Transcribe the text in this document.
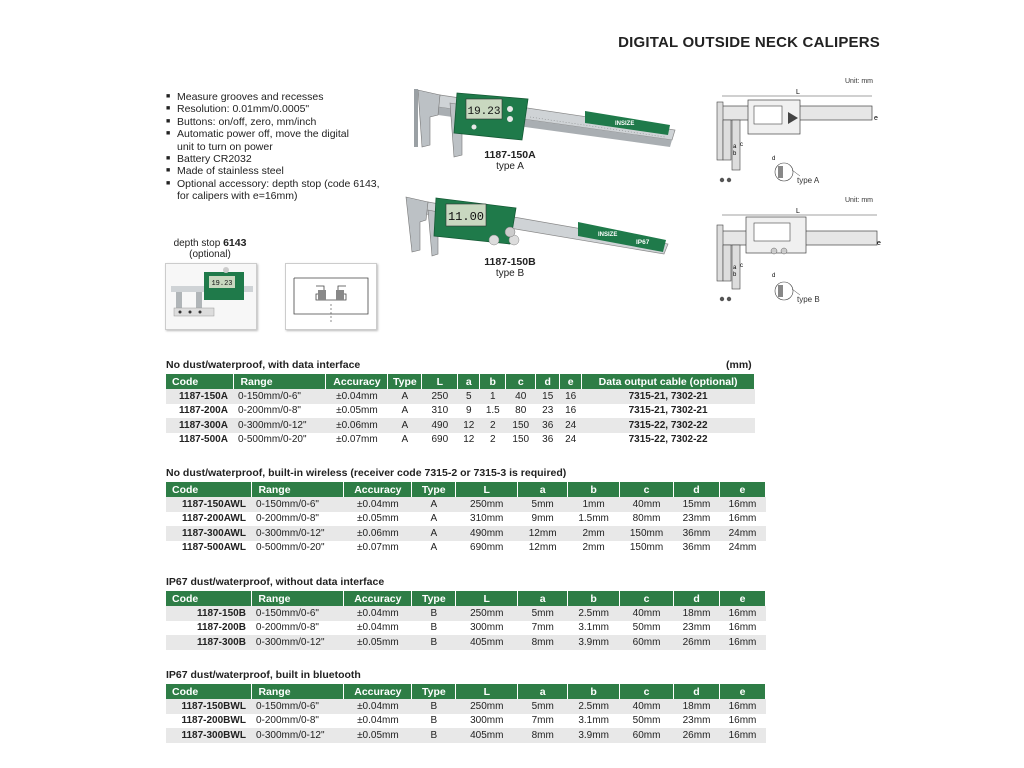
DIGITAL OUTSIDE NECK CALIPERS
■ Measure grooves and recesses
■ Resolution: 0.01mm/0.0005"
■ Buttons: on/off, zero, mm/inch
■ Automatic power off, move the digital
unit to turn on power
■ Battery CR2032
■ Made of stainless steel
■ Optional accessory: depth stop (code 6143,
for calipers with e=16mm)
19.23
INSIZE
1187-150A
type A
11.00
INSIZE
IP67
1187-150B
type B
depth stop 6143
(optional)
19.23
Unit: mm
L
e
a
b
c
d
type A
Unit: mm
L
e
a
b
c
d
type B
No dust/waterproof, with data interface	(mm)
Code	Range	Accuracy	Type	L	a	b	c	d	e	Data output cable (optional)
1187-150A	0-150mm/0-6"	±0.04mm	A	250	5	1	40	15	16	7315-21, 7302-21
1187-200A	0-200mm/0-8"	±0.05mm	A	310	9	1.5	80	23	16	7315-21, 7302-21
1187-300A	0-300mm/0-12"	±0.06mm	A	490	12	2	150	36	24	7315-22, 7302-22
1187-500A	0-500mm/0-20"	±0.07mm	A	690	12	2	150	36	24	7315-22, 7302-22
No dust/waterproof, built-in wireless (receiver code 7315-2 or 7315-3 is required)
Code	Range	Accuracy	Type	L	a	b	c	d	e
1187-150AWL	0-150mm/0-6"	±0.04mm	A	250mm	5mm	1mm	40mm	15mm	16mm
1187-200AWL	0-200mm/0-8"	±0.05mm	A	310mm	9mm	1.5mm	80mm	23mm	16mm
1187-300AWL	0-300mm/0-12"	±0.06mm	A	490mm	12mm	2mm	150mm	36mm	24mm
1187-500AWL	0-500mm/0-20"	±0.07mm	A	690mm	12mm	2mm	150mm	36mm	24mm
IP67 dust/waterproof, without data interface
Code	Range	Accuracy	Type	L	a	b	c	d	e
1187-150B	0-150mm/0-6"	±0.04mm	B	250mm	5mm	2.5mm	40mm	18mm	16mm
1187-200B	0-200mm/0-8"	±0.04mm	B	300mm	7mm	3.1mm	50mm	23mm	16mm
1187-300B	0-300mm/0-12"	±0.05mm	B	405mm	8mm	3.9mm	60mm	26mm	16mm
IP67 dust/waterproof, built in bluetooth
Code	Range	Accuracy	Type	L	a	b	c	d	e
1187-150BWL	0-150mm/0-6"	±0.04mm	B	250mm	5mm	2.5mm	40mm	18mm	16mm
1187-200BWL	0-200mm/0-8"	±0.04mm	B	300mm	7mm	3.1mm	50mm	23mm	16mm
1187-300BWL	0-300mm/0-12"	±0.05mm	B	405mm	8mm	3.9mm	60mm	26mm	16mm
